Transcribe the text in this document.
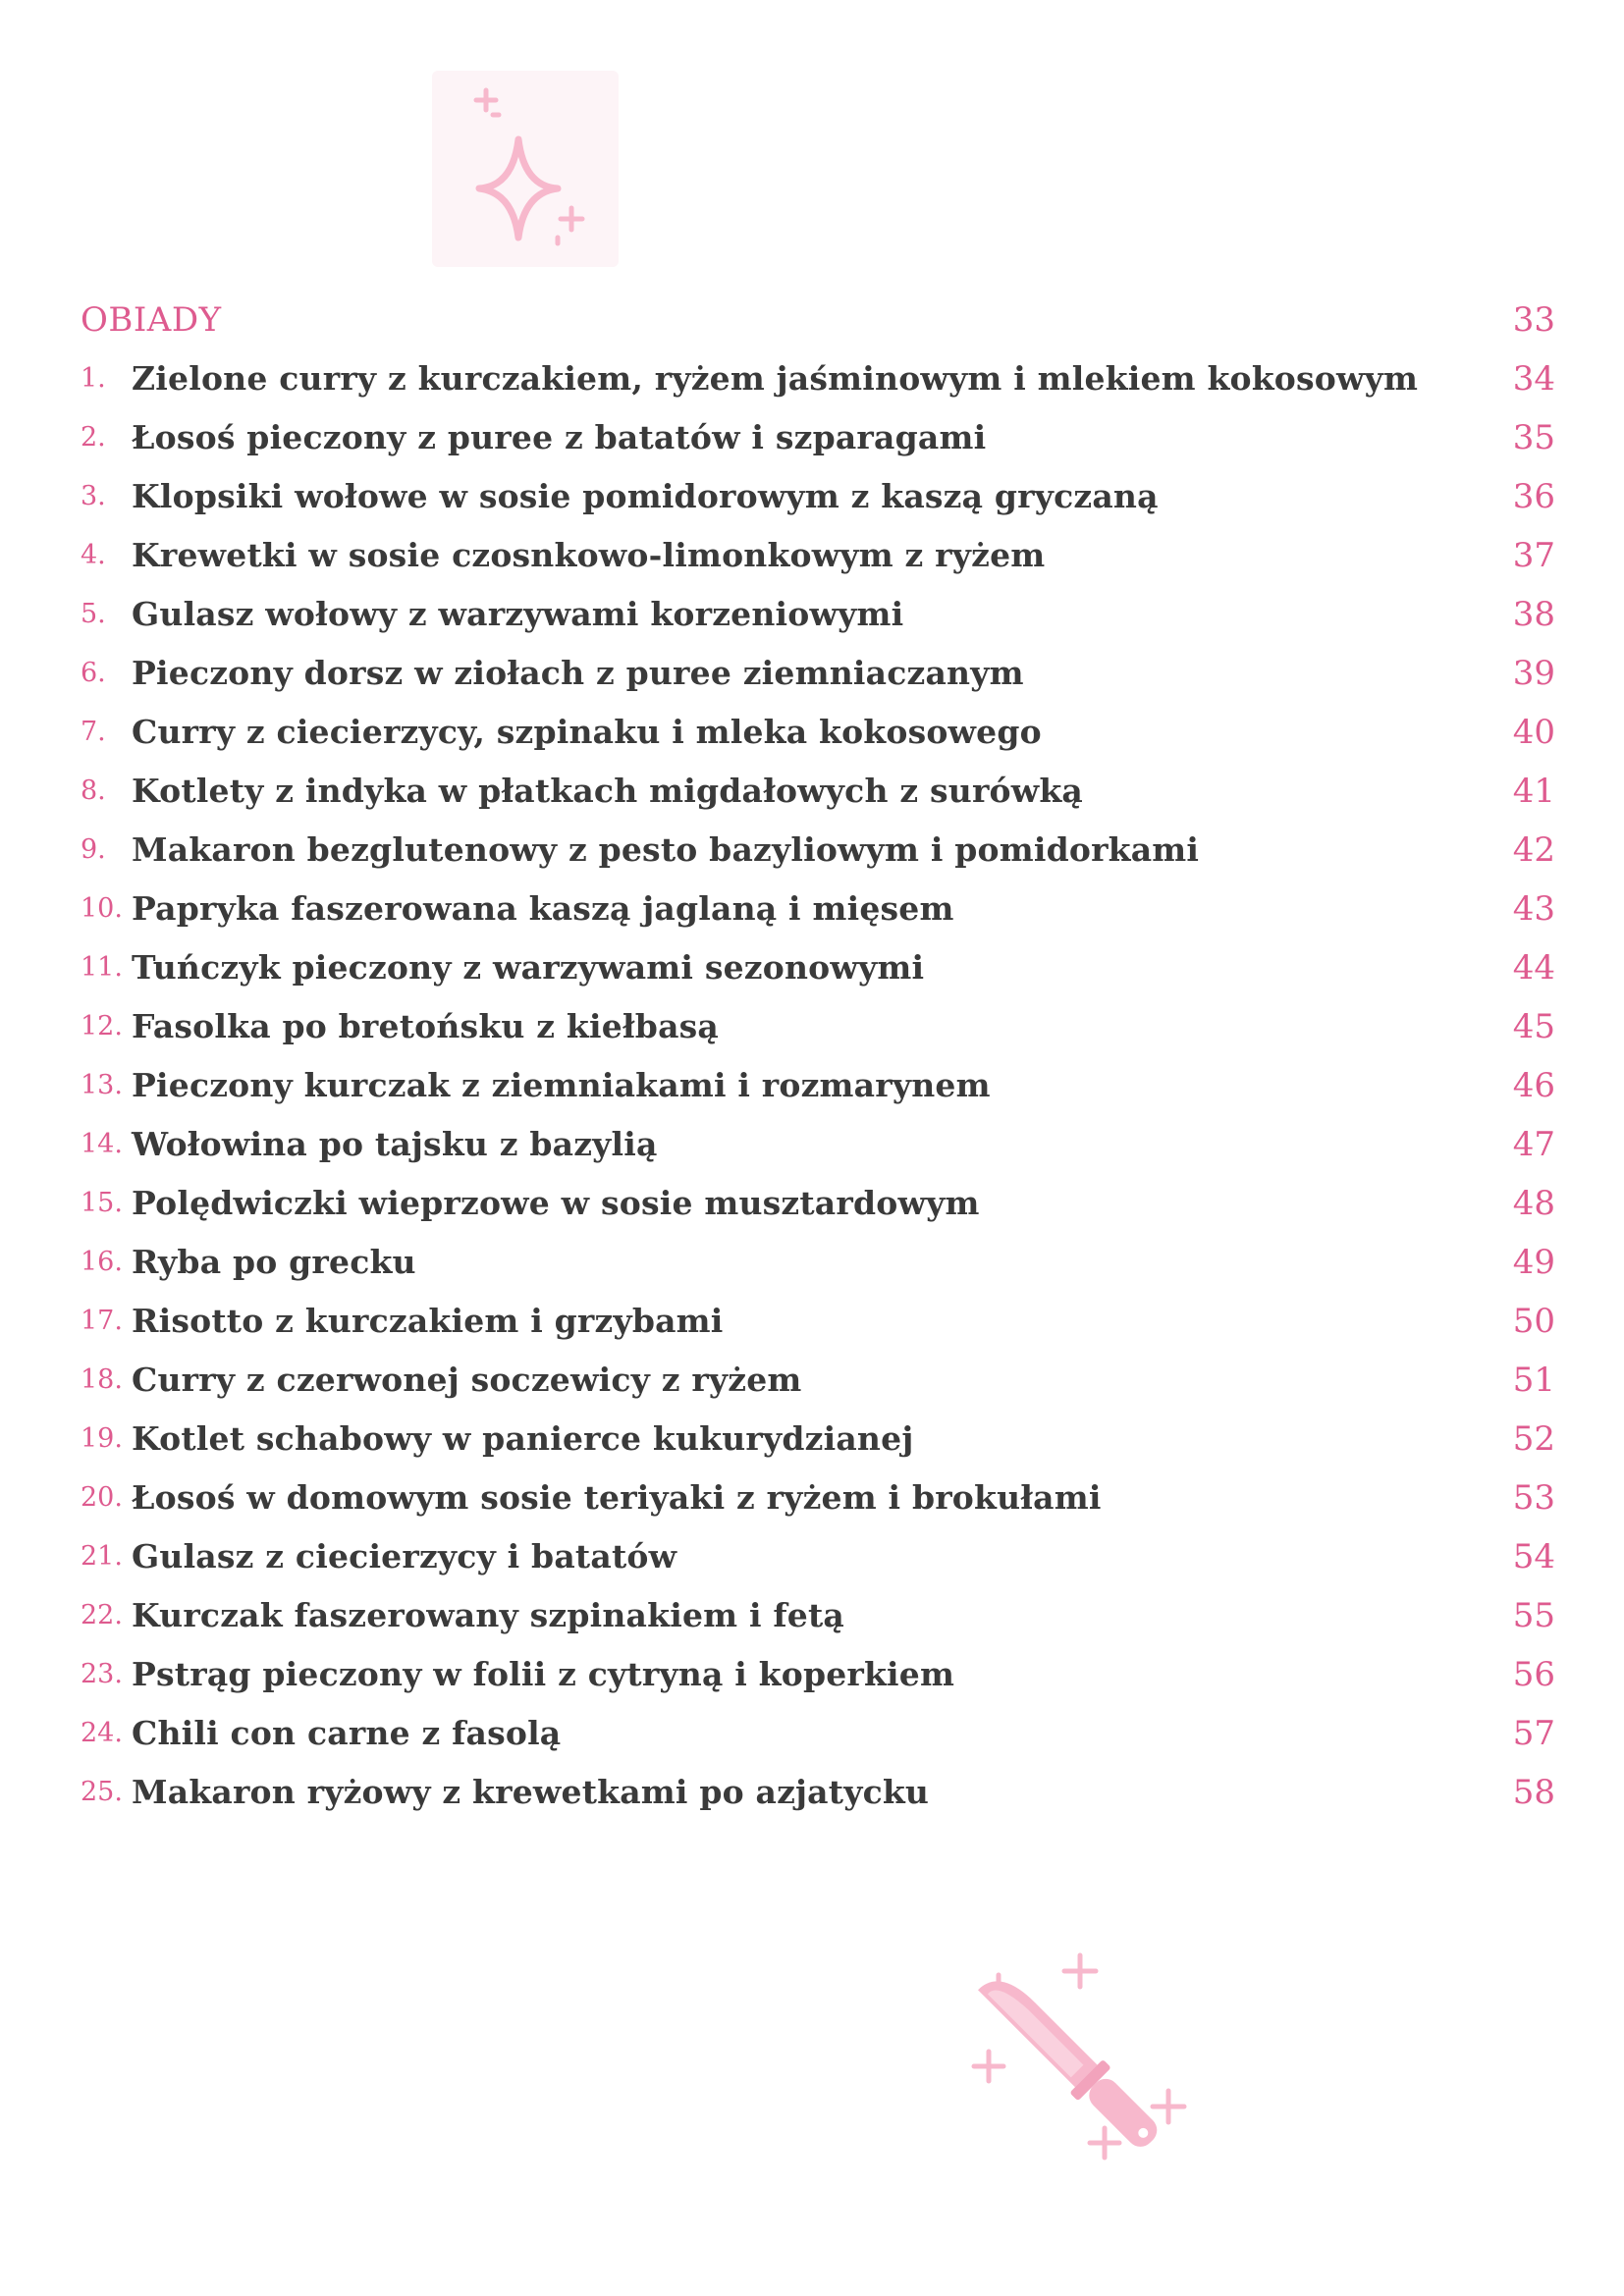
OBIADY	33
1. Zielone curry z kurczakiem, ryżem jaśminowym i mlekiem kokosowym	34
2. Łosoś pieczony z puree z batatów i szparagami	35
3. Klopsiki wołowe w sosie pomidorowym z kaszą gryczaną	36
4. Krewetki w sosie czosnkowo-limonkowym z ryżem	37
5. Gulasz wołowy z warzywami korzeniowymi	38
6. Pieczony dorsz w ziołach z puree ziemniaczanym	39
7. Curry z ciecierzycy, szpinaku i mleka kokosowego	40
8. Kotlety z indyka w płatkach migdałowych z surówką	41
9. Makaron bezglutenowy z pesto bazyliowym i pomidorkami	42
10. Papryka faszerowana kaszą jaglaną i mięsem	43
11. Tuńczyk pieczony z warzywami sezonowymi	44
12. Fasolka po bretońsku z kiełbasą	45
13. Pieczony kurczak z ziemniakami i rozmarynem	46
14. Wołowina po tajsku z bazylią	47
15. Polędwiczki wieprzowe w sosie musztardowym	48
16. Ryba po grecku	49
17. Risotto z kurczakiem i grzybami	50
18. Curry z czerwonej soczewicy z ryżem	51
19. Kotlet schabowy w panierce kukurydzianej	52
20. Łosoś w domowym sosie teriyaki z ryżem i brokułami	53
21. Gulasz z ciecierzycy i batatów	54
22. Kurczak faszerowany szpinakiem i fetą	55
23. Pstrąg pieczony w folii z cytryną i koperkiem	56
24. Chili con carne z fasolą	57
25. Makaron ryżowy z krewetkami po azjatycku	58
